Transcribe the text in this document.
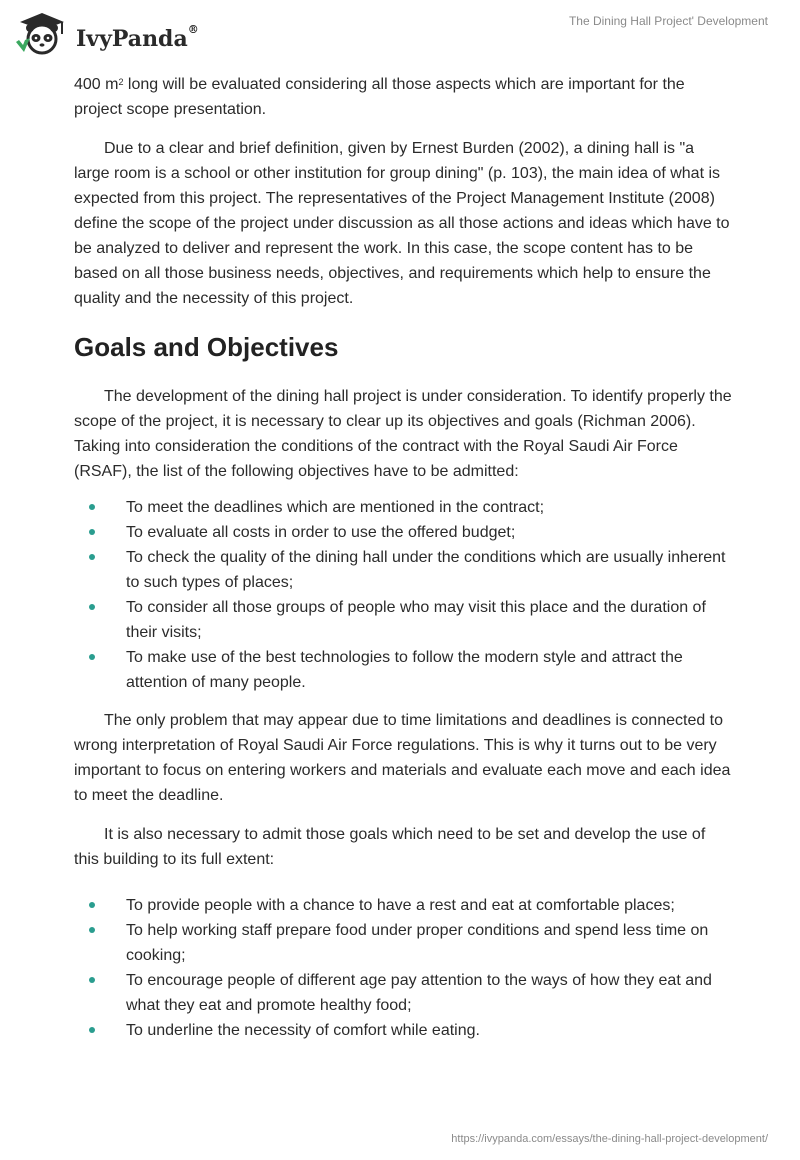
IvyPanda®
The Dining Hall Project' Development

400 $m^2$ long will be evaluated considering all those aspects which are important for the project scope presentation.

Due to a clear and brief definition, given by Ernest Burden (2002), a dining hall is "a large room is a school or other institution for group dining" (p. 103), the main idea of what is expected from this project. The representatives of the Project Management Institute (2008) define the scope of the project under discussion as all those actions and ideas which have to be analyzed to deliver and represent the work. In this case, the scope content has to be based on all those business needs, objectives, and requirements which help to ensure the quality and the necessity of this project.

Goals and Objectives

The development of the dining hall project is under consideration. To identify properly the scope of the project, it is necessary to clear up its objectives and goals (Richman 2006). Taking into consideration the conditions of the contract with the Royal Saudi Air Force (RSAF), the list of the following objectives have to be admitted:

To meet the deadlines which are mentioned in the contract;
To evaluate all costs in order to use the offered budget;
To check the quality of the dining hall under the conditions which are usually inherent to such types of places;
To consider all those groups of people who may visit this place and the duration of their visits;
To make use of the best technologies to follow the modern style and attract the attention of many people.

The only problem that may appear due to time limitations and deadlines is connected to wrong interpretation of Royal Saudi Air Force regulations. This is why it turns out to be very important to focus on entering workers and materials and evaluate each move and each idea to meet the deadline.

It is also necessary to admit those goals which need to be set and develop the use of this building to its full extent:

To provide people with a chance to have a rest and eat at comfortable places;
To help working staff prepare food under proper conditions and spend less time on cooking;
To encourage people of different age pay attention to the ways of how they eat and what they eat and promote healthy food;
To underline the necessity of comfort while eating.
https://ivypanda.com/essays/the-dining-hall-project-development/
